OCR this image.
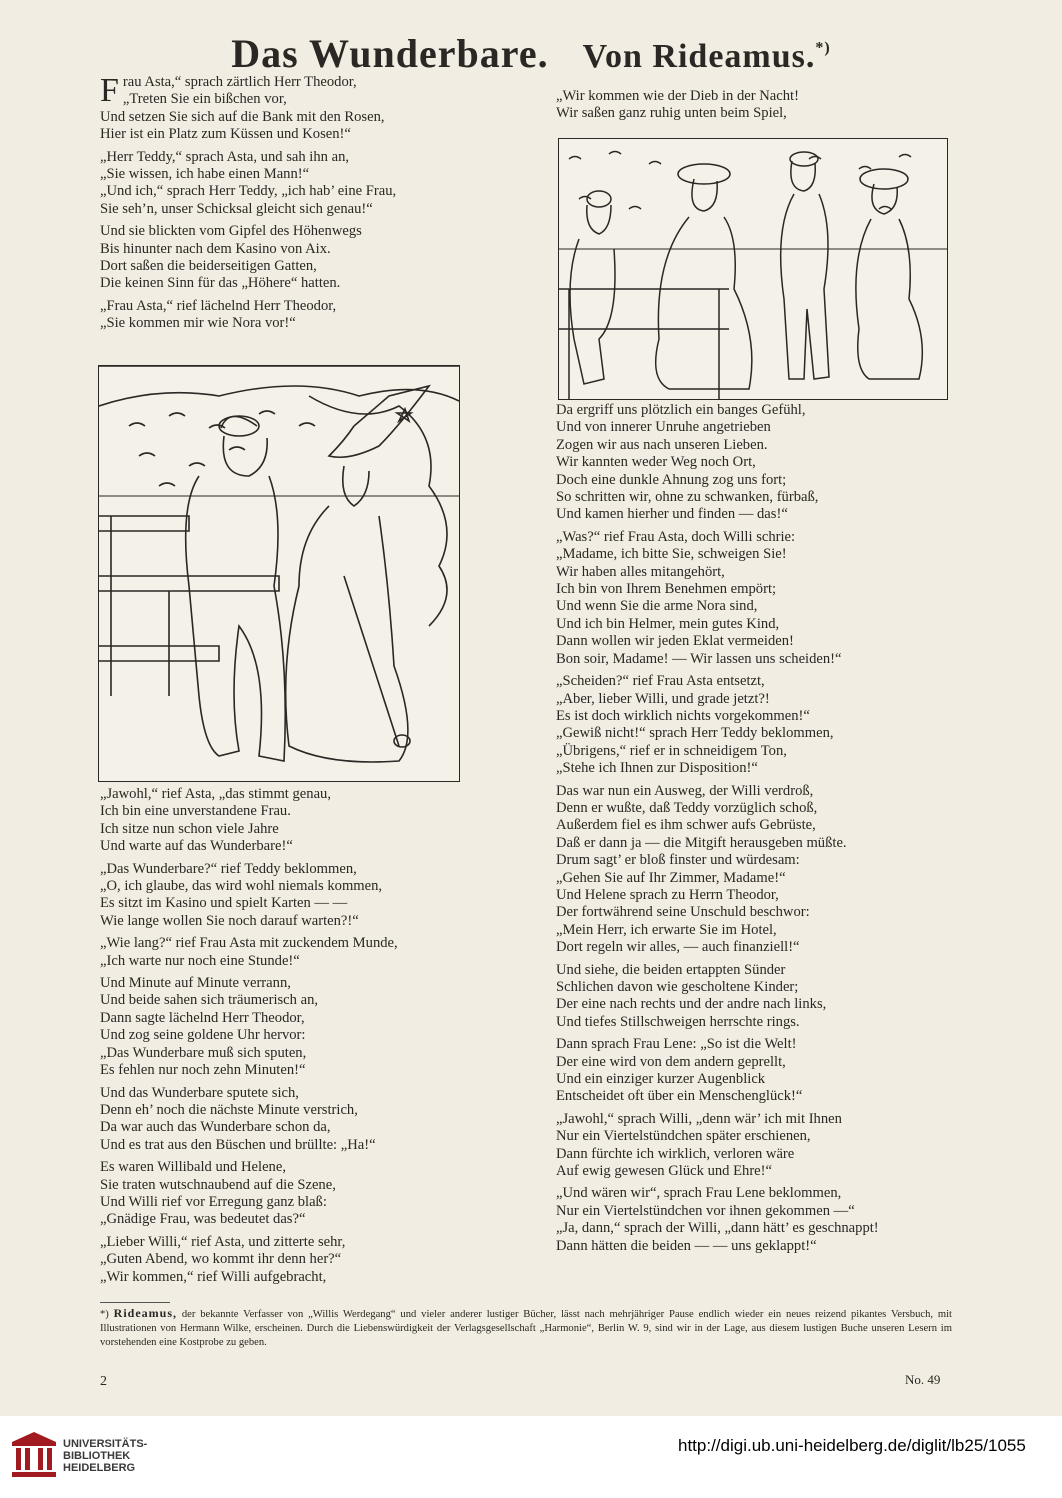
Das Wunderbare. Von Rideamus.*)
F rau Asta,“ sprach zärtlich Herr Theodor,
„Treten Sie ein bißchen vor,
Und setzen Sie sich auf die Bank mit den Rosen,
Hier ist ein Platz zum Küssen und Kosen!“
„Herr Teddy,“ sprach Asta, und sah ihn an,
„Sie wissen, ich habe einen Mann!“
„Und ich,“ sprach Herr Teddy, „ich hab’ eine Frau,
Sie seh’n, unser Schicksal gleicht sich genau!“
Und sie blickten vom Gipfel des Höhenwegs
Bis hinunter nach dem Kasino von Aix.
Dort saßen die beiderseitigen Gatten,
Die keinen Sinn für das „Höhere“ hatten.
„Frau Asta,“ rief lächelnd Herr Theodor,
„Sie kommen mir wie Nora vor!“
„Jawohl,“ rief Asta, „das stimmt genau,
Ich bin eine unverstandene Frau.
Ich sitze nun schon viele Jahre
Und warte auf das Wunderbare!“
„Das Wunderbare?“ rief Teddy beklommen,
„O, ich glaube, das wird wohl niemals kommen,
Es sitzt im Kasino und spielt Karten — —
Wie lange wollen Sie noch darauf warten?!“
„Wie lang?“ rief Frau Asta mit zuckendem Munde,
„Ich warte nur noch eine Stunde!“
Und Minute auf Minute verrann,
Und beide sahen sich träumerisch an,
Dann sagte lächelnd Herr Theodor,
Und zog seine goldene Uhr hervor:
„Das Wunderbare muß sich sputen,
Es fehlen nur noch zehn Minuten!“
Und das Wunderbare sputete sich,
Denn eh’ noch die nächste Minute verstrich,
Da war auch das Wunderbare schon da,
Und es trat aus den Büschen und brüllte: „Ha!“
Es waren Willibald und Helene,
Sie traten wutschnaubend auf die Szene,
Und Willi rief vor Erregung ganz blaß:
„Gnädige Frau, was bedeutet das?“
„Lieber Willi,“ rief Asta, und zitterte sehr,
„Guten Abend, wo kommt ihr denn her?“
„Wir kommen,“ rief Willi aufgebracht,
„Wir kommen wie der Dieb in der Nacht!
Wir saßen ganz ruhig unten beim Spiel,
Da ergriff uns plötzlich ein banges Gefühl,
Und von innerer Unruhe angetrieben
Zogen wir aus nach unseren Lieben.
Wir kannten weder Weg noch Ort,
Doch eine dunkle Ahnung zog uns fort;
So schritten wir, ohne zu schwanken, fürbaß,
Und kamen hierher und finden — das!“
„Was?“ rief Frau Asta, doch Willi schrie:
„Madame, ich bitte Sie, schweigen Sie!
Wir haben alles mitangehört,
Ich bin von Ihrem Benehmen empört;
Und wenn Sie die arme Nora sind,
Und ich bin Helmer, mein gutes Kind,
Dann wollen wir jeden Eklat vermeiden!
Bon soir, Madame! — Wir lassen uns scheiden!“
„Scheiden?“ rief Frau Asta entsetzt,
„Aber, lieber Willi, und grade jetzt?!
Es ist doch wirklich nichts vorgekommen!“
„Gewiß nicht!“ sprach Herr Teddy beklommen,
„Übrigens,“ rief er in schneidigem Ton,
„Stehe ich Ihnen zur Disposition!“
Das war nun ein Ausweg, der Willi verdroß,
Denn er wußte, daß Teddy vorzüglich schoß,
Außerdem fiel es ihm schwer aufs Gebrüste,
Daß er dann ja — die Mitgift herausgeben müßte.
Drum sagt’ er bloß finster und würdesam:
„Gehen Sie auf Ihr Zimmer, Madame!“
Und Helene sprach zu Herrn Theodor,
Der fortwährend seine Unschuld beschwor:
„Mein Herr, ich erwarte Sie im Hotel,
Dort regeln wir alles, — auch finanziell!“
Und siehe, die beiden ertappten Sünder
Schlichen davon wie gescholtene Kinder;
Der eine nach rechts und der andre nach links,
Und tiefes Stillschweigen herrschte rings.
Dann sprach Frau Lene: „So ist die Welt!
Der eine wird von dem andern geprellt,
Und ein einziger kurzer Augenblick
Entscheidet oft über ein Menschenglück!“
„Jawohl,“ sprach Willi, „denn wär’ ich mit Ihnen
Nur ein Viertelstündchen später erschienen,
Dann fürchte ich wirklich, verloren wäre
Auf ewig gewesen Glück und Ehre!“
„Und wären wir“, sprach Frau Lene beklommen,
Nur ein Viertelstündchen vor ihnen gekommen —“
„Ja, dann,“ sprach der Willi, „dann hätt’ es geschnappt!
Dann hätten die beiden — — uns geklappt!“
*) Rideamus, der bekannte Verfasser von „Willis Werdegang“ und vieler anderer lustiger Bücher, lässt nach mehrjähriger Pause endlich wieder ein neues reizend pikantes Versbuch, mit Illustrationen von Hermann Wilke, erscheinen. Durch die Liebenswürdigkeit der Verlagsgesellschaft „Harmonie“, Berlin W. 9, sind wir in der Lage, aus diesem lustigen Buche unseren Lesern im vorstehenden eine Kostprobe zu geben.
2	No. 49
UNIVERSITÄTS-
BIBLIOTHEK
HEIDELBERG
http://digi.ub.uni-heidelberg.de/diglit/lb25/1055
